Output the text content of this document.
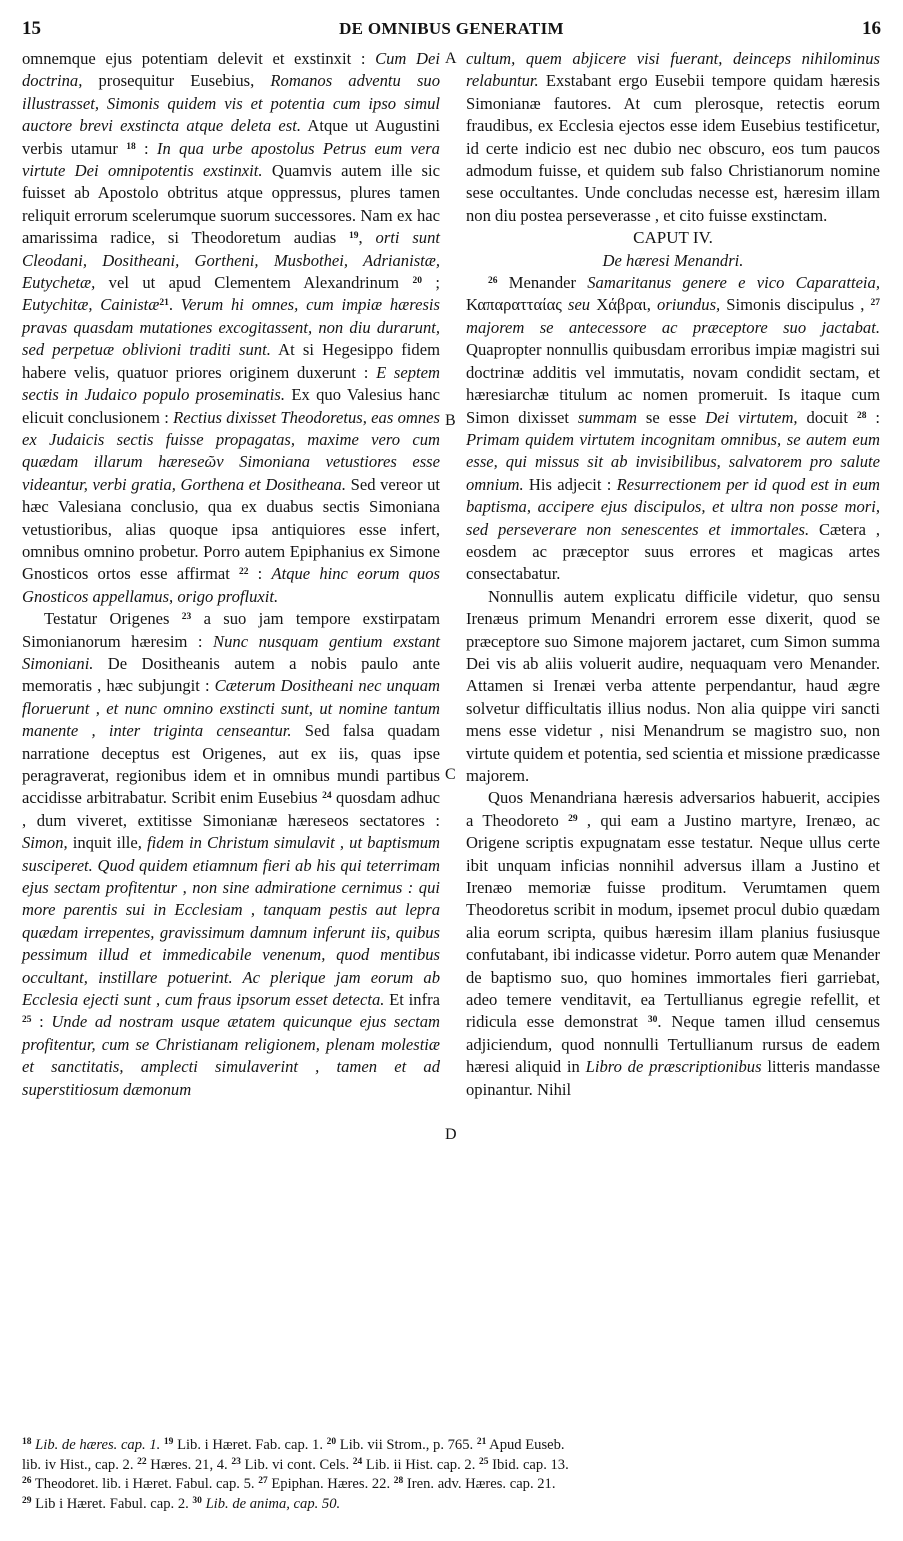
15	DE OMNIBUS GENERATIM	16
A
B
C
D

omnemque ejus potentiam delevit et exstinxit : Cum Dei doctrina, prosequitur Eusebius, Romanos adventu suo illustrasset, Simonis quidem vis et potentia cum ipso simul auctore brevi exstincta atque deleta est. Atque ut Augustini verbis utamur $^{18}$ : In qua urbe apostolus Petrus eum vera virtute Dei omnipotentis exstinxit. Quamvis autem ille sic fuisset ab Apostolo obtritus atque oppressus, plures tamen reliquit errorum scelerumque suorum successores. Nam ex hac amarissima radice, si Theodoretum audias $^{19}$, orti sunt Cleodani, Dositheani, Gortheni, Musbothei, Adrianistæ, Eutychetæ, vel ut apud Clementem Alexandrinum $^{20}$ ; Eutychitæ, Cainistæ$^{21}$. Verum hi omnes, cum impiæ hæresis pravas quasdam mutationes excogitassent, non diu durarunt, sed perpetuæ oblivioni traditi sunt. At si Hegesippo fidem habere velis, quatuor priores originem duxerunt : E septem sectis in Judaico populo proseminatis. Ex quo Valesius hanc elicuit conclusionem : Rectius dixisset Theodoretus, eas omnes ex Judaicis sectis fuisse propagatas, maxime vero cum quædam illarum hæreseῶν Simoniana vetustiores esse videantur, verbi gratia, Gorthena et Dositheana. Sed vereor ut hæc Valesiana conclusio, qua ex duabus sectis Simoniana vetustioribus, alias quoque ipsa antiquiores esse infert, omnibus omnino probetur. Porro autem Epiphanius ex Simone Gnosticos ortos esse affirmat $^{22}$ : Atque hinc eorum quos Gnosticos appellamus, origo profluxit.

Testatur Origenes $^{23}$ a suo jam tempore exstirpatam Simonianorum hæresim : Nunc nusquam gentium exstant Simoniani. De Dositheanis autem a nobis paulo ante memoratis , hæc subjungit : Cæterum Dositheani nec unquam floruerunt , et nunc omnino exstincti sunt, ut nomine tantum manente , inter triginta censeantur. Sed falsa quadam narratione deceptus est Origenes, aut ex iis, quas ipse peragraverat, regionibus idem et in omnibus mundi partibus accidisse arbitrabatur. Scribit enim Eusebius $^{24}$ quosdam adhuc , dum viveret, extitisse Simonianæ hæreseos sectatores : Simon, inquit ille, fidem in Christum simulavit , ut baptismum susciperet. Quod quidem etiamnum fieri ab his qui teterrimam ejus sectam profitentur , non sine admiratione cernimus : qui more parentis sui in Ecclesiam , tanquam pestis aut lepra quædam irrepentes, gravissimum damnum inferunt iis, quibus pessimum illud et immedicabile venenum, quod mentibus occultant, instillare potuerint. Ac plerique jam eorum ab Ecclesia ejecti sunt , cum fraus ipsorum esset detecta. Et infra $^{25}$ : Unde ad nostram usque ætatem quicunque ejus sectam profitentur, cum se Christianam religionem, plenam molestiæ et sanctitatis, amplecti simulaverint , tamen et ad superstitiosum dæmonum

cultum, quem abjicere visi fuerant, deinceps nihilominus relabuntur. Exstabant ergo Eusebii tempore quidam hæresis Simonianæ fautores. At cum plerosque, retectis eorum fraudibus, ex Ecclesia ejectos esse idem Eusebius testificetur, id certe indicio est nec dubio nec obscuro, eos tum paucos admodum fuisse, et quidem sub falso Christianorum nomine sese occultantes. Unde concludas necesse est, hæresim illam non diu postea perseverasse , et cito fuisse exstinctam.

CAPUT IV.

De hæresi Menandri.

$^{26}$ Menander Samaritanus genere e vico Caparatteia, Καπαρατταίας seu Χάβραι, oriundus, Simonis discipulus , $^{27}$ majorem se antecessore ac præceptore suo jactabat. Quapropter nonnullis quibusdam erroribus impiæ magistri sui doctrinæ additis vel immutatis, novam condidit sectam, et hæresiarchæ titulum ac nomen promeruit. Is itaque cum Simon dixisset summam se esse Dei virtutem, docuit $^{28}$ : Primam quidem virtutem incognitam omnibus, se autem eum esse, qui missus sit ab invisibilibus, salvatorem pro salute omnium. His adjecit : Resurrectionem per id quod est in eum baptisma, accipere ejus discipulos, et ultra non posse mori, sed perseverare non senescentes et immortales. Cætera , eosdem ac præceptor suus errores et magicas artes consectabatur.

Nonnullis autem explicatu difficile videtur, quo sensu Irenæus primum Menandri errorem esse dixerit, quod se præceptore suo Simone majorem jactaret, cum Simon summa Dei vis ab aliis voluerit audire, nequaquam vero Menander. Attamen si Irenæi verba attente perpendantur, haud ægre solvetur difficultatis illius nodus. Non alia quippe viri sancti mens esse videtur , nisi Menandrum se magistro suo, non virtute quidem et potentia, sed scientia et missione prædicasse majorem.

Quos Menandriana hæresis adversarios habuerit, accipies a Theodoreto $^{29}$ , qui eam a Justino martyre, Irenæo, ac Origene scriptis expugnatam esse testatur. Neque ullus certe ibit unquam inficias nonnihil adversus illam a Justino et Irenæo memoriæ fuisse proditum. Verumtamen quem Theodoretus scribit in modum, ipsemet procul dubio quædam alia eorum scripta, quibus hæresim illam planius fusiusque confutabant, ibi indicasse videtur. Porro autem quæ Menander de baptismo suo, quo homines immortales fieri garriebat, adeo temere venditavit, ea Tertullianus egregie refellit, et ridicula esse demonstrat $^{30}$. Neque tamen illud censemus adjiciendum, quod nonnulli Tertullianum rursus de eadem hæresi aliquid in Libro de præscriptionibus litteris mandasse opinantur. Nihil

$^{18}$ Lib. de hæres. cap. 1. $^{19}$ Lib. i Hæret. Fab. cap. 1. $^{20}$ Lib. vii Strom., p. 765. $^{21}$ Apud Euseb.
lib. iv Hist., cap. 2. $^{22}$ Hæres. 21, 4. $^{23}$ Lib. vi cont. Cels. $^{24}$ Lib. ii Hist. cap. 2. $^{25}$ Ibid. cap. 13.
$^{26}$ Theodoret. lib. i Hæret. Fabul. cap. 5. $^{27}$ Epiphan. Hæres. 22. $^{28}$ Iren. adv. Hæres. cap. 21.
$^{29}$ Lib i Hæret. Fabul. cap. 2. $^{30}$ Lib. de anima, cap. 50.
